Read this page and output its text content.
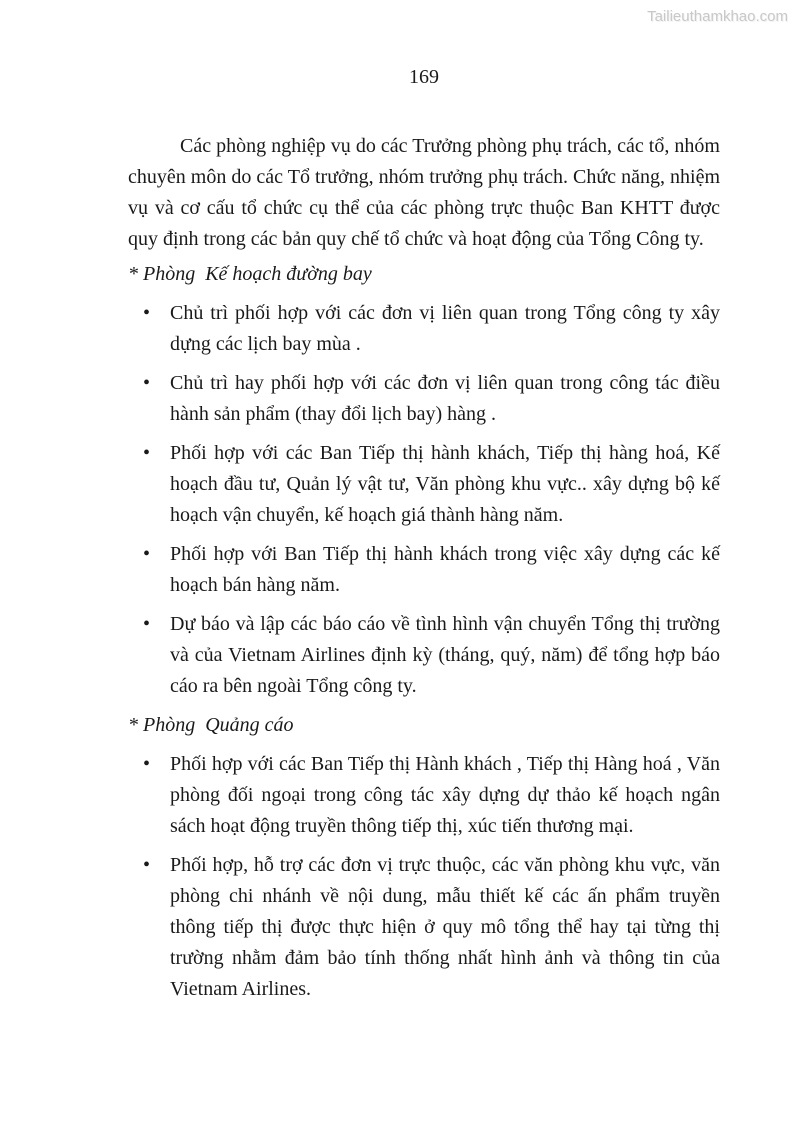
Tailieuthamkhao.com
169

Các phòng nghiệp vụ do các Trưởng phòng phụ trách, các tổ, nhóm chuyên môn do các Tổ trưởng, nhóm trưởng phụ trách. Chức năng, nhiệm vụ và cơ cấu tổ chức cụ thể của các phòng trực thuộc Ban KHTT được quy định trong các bản quy chế tổ chức và hoạt động của Tổng Công ty.

* Phòng  Kế hoạch đường bay
• Chủ trì phối hợp với các đơn vị liên quan trong Tổng công ty xây dựng các lịch bay mùa .
• Chủ trì hay phối hợp với các đơn vị liên quan trong công tác điều hành sản phẩm (thay đổi lịch bay) hàng .
• Phối hợp với các Ban Tiếp thị hành khách, Tiếp thị hàng hoá, Kế hoạch đầu tư, Quản lý vật tư, Văn phòng khu vực.. xây dựng bộ kế hoạch vận chuyển, kế hoạch giá thành hàng năm.
• Phối hợp với Ban Tiếp thị hành khách trong việc xây dựng các kế hoạch bán hàng năm.
• Dự báo và lập các báo cáo về tình hình vận chuyển Tổng thị trường và của Vietnam Airlines định kỳ (tháng, quý, năm) để tổng hợp báo cáo ra bên ngoài Tổng công ty.
* Phòng  Quảng cáo
• Phối hợp với các Ban Tiếp thị Hành khách , Tiếp thị Hàng hoá , Văn phòng đối ngoại trong công tác xây dựng dự thảo kế hoạch ngân sách hoạt động truyền thông tiếp thị, xúc tiến thương mại.
• Phối hợp, hỗ trợ các đơn vị trực thuộc, các văn phòng khu vực, văn phòng chi nhánh về nội dung, mẫu thiết kế các ấn phẩm truyền thông tiếp thị được thực hiện ở quy mô tổng thể hay tại từng thị trường nhằm đảm bảo tính thống nhất hình ảnh và thông tin của Vietnam Airlines.
